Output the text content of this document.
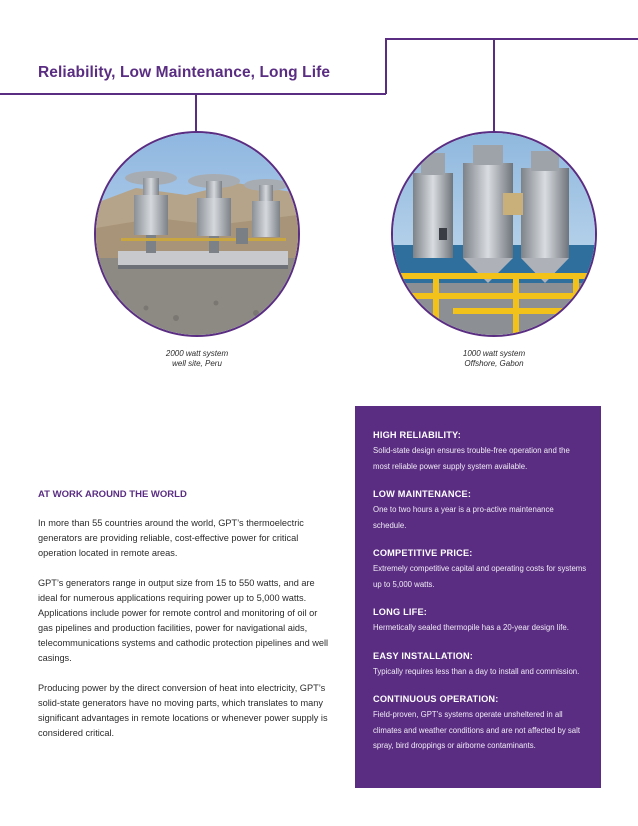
Reliability, Low Maintenance, Long Life
2000 watt system
well site, Peru
1000 watt system
Offshore, Gabon
AT WORK AROUND THE WORLD

In more than 55 countries around the world, GPT’s thermoelectric generators are providing reliable, cost-effective power for critical operation located in remote areas.

GPT’s generators range in output size from 15 to 550 watts, and are ideal for numerous applications requiring power up to 5,000 watts. Applications include power for remote control and monitoring of oil or gas pipelines and production facilities, power for navigational aids, telecommunications systems and cathodic protection pipelines and well casings.

Producing power by the direct conversion of heat into electricity, GPT’s solid-state generators have no moving parts, which translates to many significant advantages in remote locations or whenever power supply is considered critical.

HIGH RELIABILITY:
Solid-state design ensures trouble-free operation and the most reliable power supply system available.
LOW MAINTENANCE:
One to two hours a year is a pro-active maintenance schedule.
COMPETITIVE PRICE:
Extremely competitive capital and operating costs for systems up to 5,000 watts.
LONG LIFE:
Hermetically sealed thermopile has a 20-year design life.
EASY INSTALLATION:
Typically requires less than a day to install and commission.
CONTINUOUS OPERATION:
Field-proven, GPT’s systems operate unsheltered in all climates and weather conditions and are not affected by salt spray, bird droppings or airborne contaminants.
